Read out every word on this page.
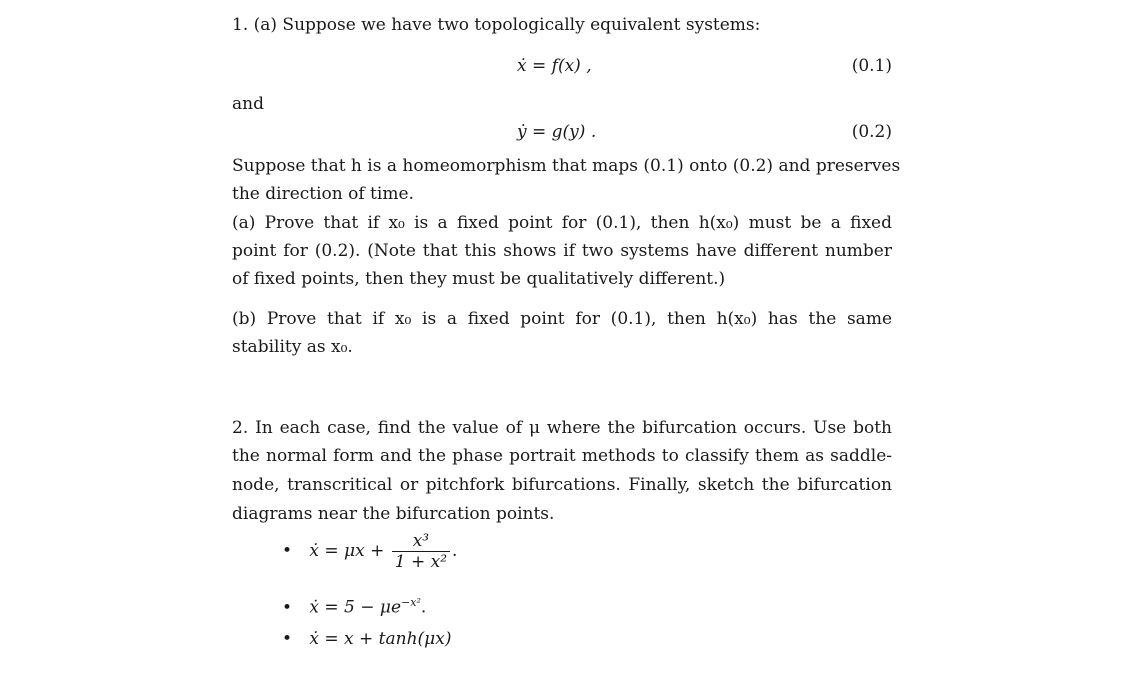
1. (a) Suppose we have two topologically equivalent systems:
ẋ = f(x) ,	(0.1)
and
ẏ = g(y) .	(0.2)
Suppose that h is a homeomorphism that maps (0.1) onto (0.2) and preserves
the direction of time.
(a) Prove that if x₀ is a fixed point for (0.1), then h(x₀) must be a fixed
point for (0.2). (Note that this shows if two systems have different number
of fixed points, then they must be qualitatively different.)
(b) Prove that if x₀ is a fixed point for (0.1), then h(x₀) has the same
stability as x₀.
2. In each case, find the value of μ where the bifurcation occurs. Use both
the normal form and the phase portrait methods to classify them as saddle-
node, transcritical or pitchfork bifurcations. Finally, sketch the bifurcation
diagrams near the bifurcation points.
• ẋ = $\mu x + \frac{\text{x³}}{\text{1 + x²}}$ .
• ẋ = $5 - \mu e^{-x^2}$.
• ẋ = x + tanh(μx)
